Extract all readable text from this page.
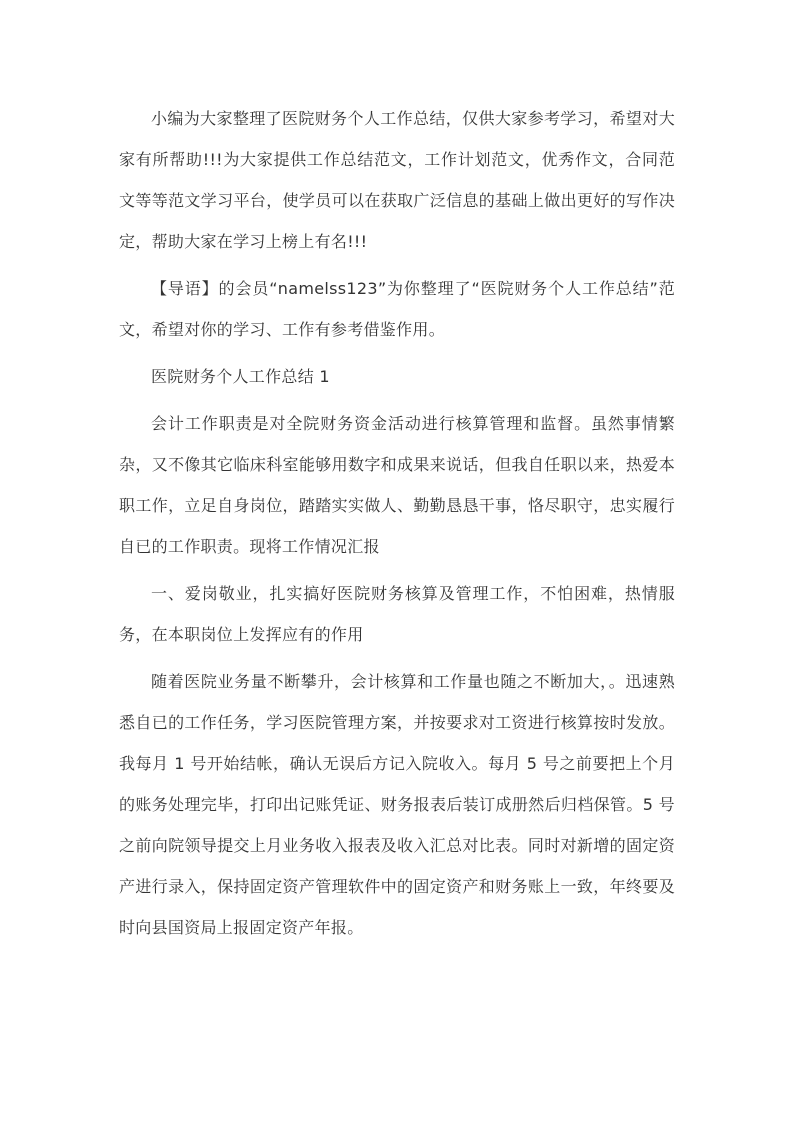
小编为大家整理了医院财务个人工作总结，仅供大家参考学习，希望对大家有所帮助!!!为大家提供工作总结范文，工作计划范文，优秀作文，合同范文等等范文学习平台，使学员可以在获取广泛信息的基础上做出更好的写作决定，帮助大家在学习上榜上有名!!!

【导语】的会员“namelss123”为你整理了“医院财务个人工作总结”范文，希望对你的学习、工作有参考借鉴作用。

医院财务个人工作总结 1

会计工作职责是对全院财务资金活动进行核算管理和监督。虽然事情繁杂，又不像其它临床科室能够用数字和成果来说话，但我自任职以来，热爱本职工作，立足自身岗位，踏踏实实做人、勤勤恳恳干事，恪尽职守，忠实履行自已的工作职责。现将工作情况汇报

一、爱岗敬业，扎实搞好医院财务核算及管理工作，不怕困难，热情服务，在本职岗位上发挥应有的作用

随着医院业务量不断攀升，会计核算和工作量也随之不断加大，。迅速熟悉自已的工作任务，学习医院管理方案，并按要求对工资进行核算按时发放。我每月 1 号开始结帐，确认无误后方记入院收入。每月 5 号之前要把上个月的账务处理完毕，打印出记账凭证、财务报表后装订成册然后归档保管。5 号之前向院领导提交上月业务收入报表及收入汇总对比表。同时对新增的固定资产进行录入，保持固定资产管理软件中的固定资产和财务账上一致，年终要及时向县国资局上报固定资产年报。
